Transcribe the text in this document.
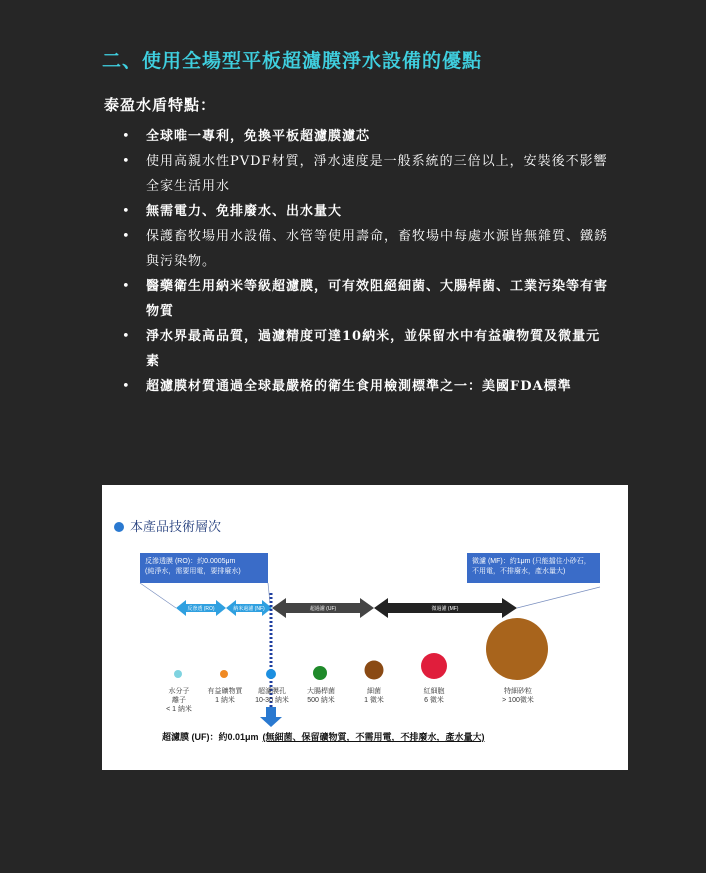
二、使用全場型平板超濾膜淨水設備的優點
泰盈水盾特點：
• 全球唯一專利，免換平板超濾膜濾芯
• 使用高親水性PVDF材質，淨水速度是一般系統的三倍以上，安裝後不影響全家生活用水
• 無需電力、免排廢水、出水量大
• 保護畜牧場用水設備、水管等使用壽命，畜牧場中每處水源皆無雜質、鐵銹與污染物。
• 醫藥衛生用納米等級超濾膜，可有效阻絕細菌、大腸桿菌、工業污染等有害物質
• 淨水界最高品質，過濾精度可達10納米，並保留水中有益礦物質及微量元素
• 超濾膜材質通過全球最嚴格的衛生食用檢測標準之一：美國FDA標準
本產品技術層次
反滲透膜 (RO)：約0.0005μm
(純淨水，需要用電，要排廢水)
微濾 (MF)：約1μm (只能擋住小砂石，不用電，不排廢水，產水量大)
反滲透 (RO)	納米過濾 (NF)	超過濾 (UF)	微過濾 (MF)
水分子
離子
< 1 納米
有益礦物質
1 納米
超濾膜孔
10-30 納米
大腸桿菌
500 納米
細菌
1 微米
紅細胞
6 微米
特細砂粒
> 100微米
超濾膜 (UF)：約0.01μm (無細菌、保留礦物質，不需用電，不排廢水，產水量大)
